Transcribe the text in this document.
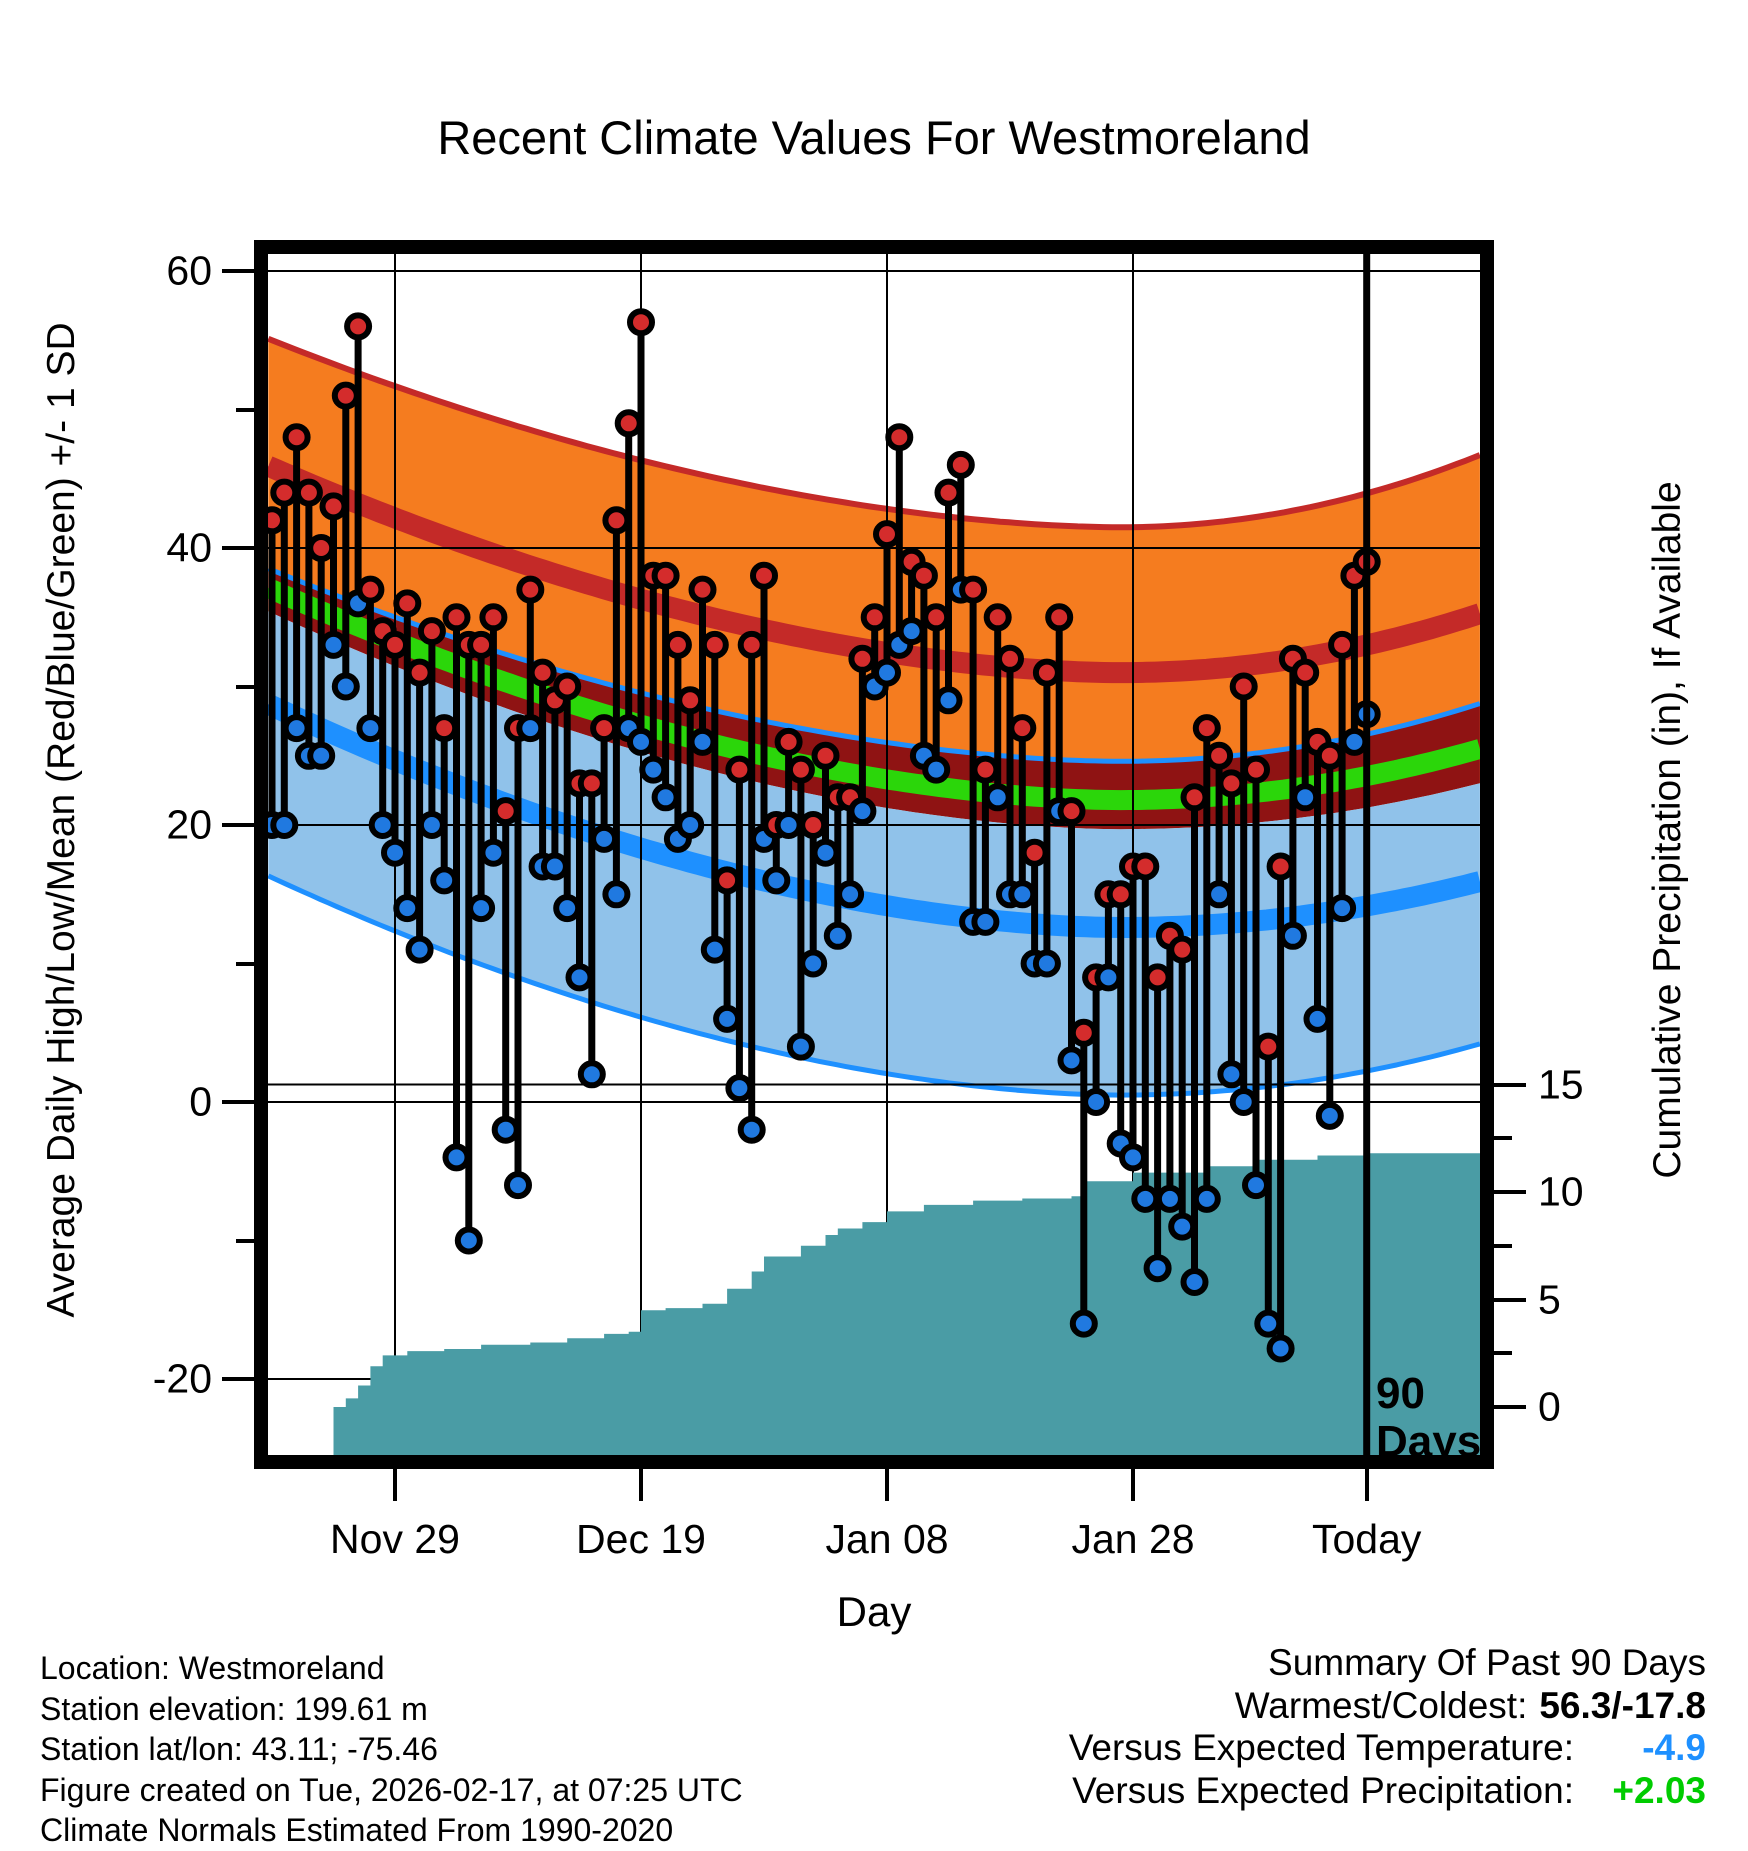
Recent Climate Values For Westmoreland
Average Daily High/Low/Mean (Red/Blue/Green) +/- 1 SD	Cumulative Precipitation (in), If Available
Day
90
Days
60
40
20
0
-20
15
10
5
0
Nov 29	Dec 19	Jan 08	Jan 28	Today
Location: Westmoreland
Station elevation: 199.61 m
Station lat/lon: 43.11; -75.46
Figure created on Tue, 2026-02-17, at 07:25 UTC
Climate Normals Estimated From 1990-2020
Summary Of Past 90 Days
Warmest/Coldest: 56.3/-17.8
Versus Expected Temperature: -4.9
Versus Expected Precipitation: +2.03
